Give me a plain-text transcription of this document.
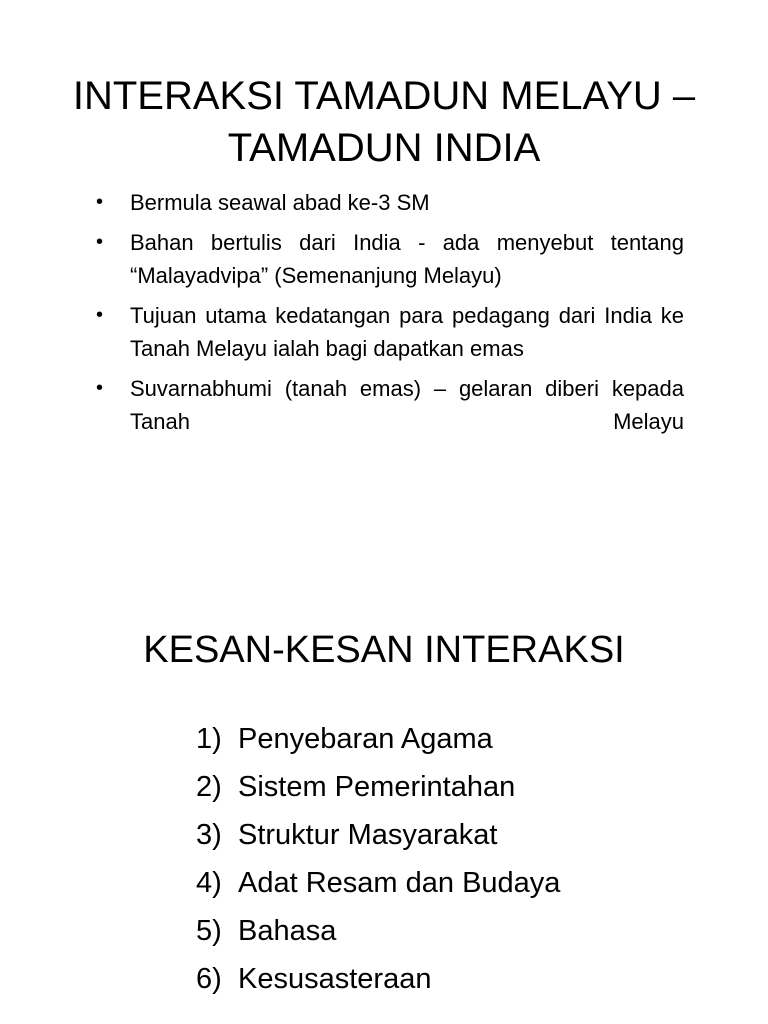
INTERAKSI TAMADUN MELAYU –
TAMADUN INDIA
• Bermula seawal abad ke-3 SM
• Bahan bertulis dari India - ada menyebut tentang “Malayadvipa” (Semenanjung Melayu)
• Tujuan utama kedatangan para pedagang dari India ke Tanah Melayu ialah bagi dapatkan emas
• Suvarnabhumi (tanah emas) – gelaran diberi kepada Tanah Melayu
KESAN-KESAN INTERAKSI
1) Penyebaran Agama
2) Sistem Pemerintahan
3) Struktur Masyarakat
4) Adat Resam dan Budaya
5) Bahasa
6) Kesusasteraan
